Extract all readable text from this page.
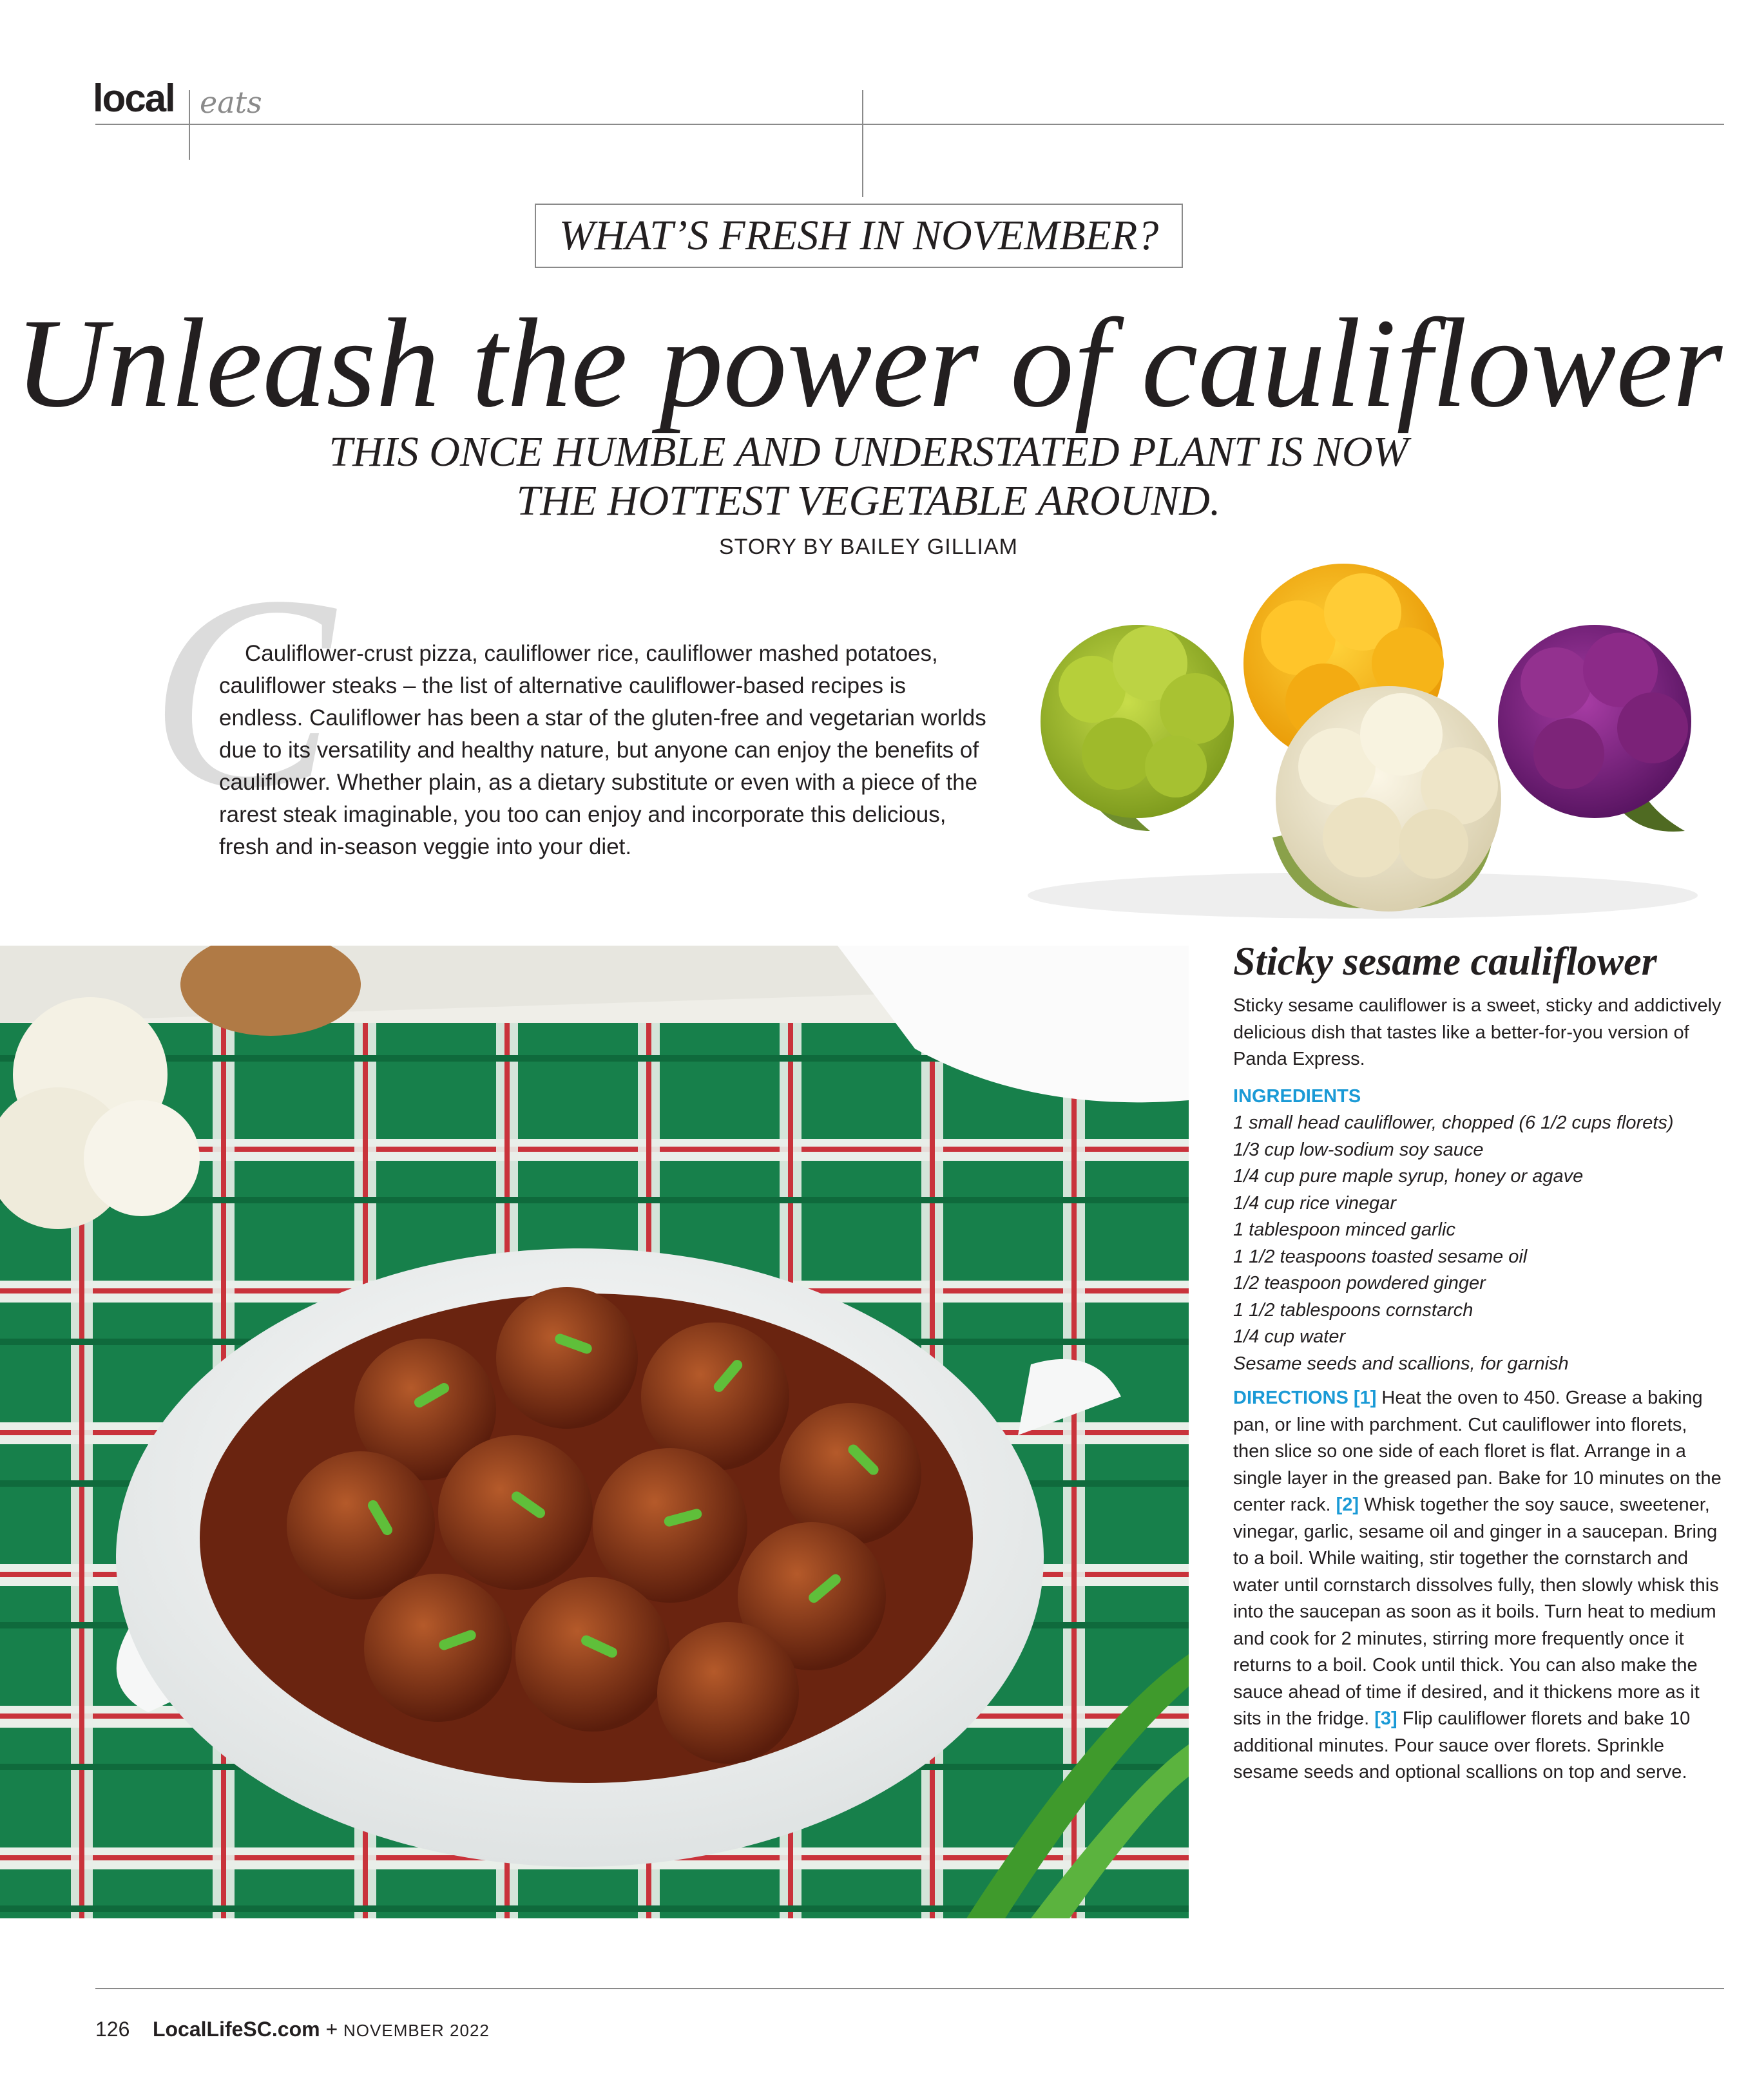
local eats
WHAT’S FRESH IN NOVEMBER?
Unleash the power of cauliflower
THIS ONCE HUMBLE AND UNDERSTATED PLANT IS NOW
THE HOTTEST VEGETABLE AROUND.
STORY BY BAILEY GILLIAM
C

Cauliflower-crust pizza, cauliflower rice, cauliflower mashed potatoes, cauliflower steaks – the list of alternative cauliflower-based recipes is endless. Cauliflower has been a star of the gluten-free and vegetarian worlds due to its versatility and healthy nature, but anyone can enjoy the benefits of cauliflower. Whether plain, as a dietary substitute or even with a piece of the rarest steak imaginable, you too can enjoy and incorporate this delicious, fresh and in-season veggie into your diet.

Sticky sesame cauliflower

Sticky sesame cauliflower is a sweet, sticky and addictively delicious dish that tastes like a better-for-you version of Panda Express.

INGREDIENTS
1 small head cauliflower, chopped (6 1/2 cups florets)
1/3 cup low-sodium soy sauce
1/4 cup pure maple syrup, honey or agave
1/4 cup rice vinegar
1 tablespoon minced garlic
1 1/2 teaspoons toasted sesame oil
1/2 teaspoon powdered ginger
1 1/2 tablespoons cornstarch
1/4 cup water
Sesame seeds and scallions, for garnish

DIRECTIONS [1] Heat the oven to 450. Grease a baking pan, or line with parchment. Cut cauliflower into florets, then slice so one side of each floret is flat. Arrange in a single layer in the greased pan. Bake for 10 minutes on the center rack. [2] Whisk together the soy sauce, sweetener, vinegar, garlic, sesame oil and ginger in a saucepan. Bring to a boil. While waiting, stir together the cornstarch and water until cornstarch dissolves fully, then slowly whisk this into the saucepan as soon as it boils. Turn heat to medium and cook for 2 minutes, stirring more frequently once it returns to a boil. Cook until thick. You can also make the sauce ahead of time if desired, and it thickens more as it sits in the fridge. [3] Flip cauliflower florets and bake 10 additional minutes. Pour sauce over florets. Sprinkle sesame seeds and optional scallions on top and serve.

126 LocalLifeSC.com + NOVEMBER 2022
